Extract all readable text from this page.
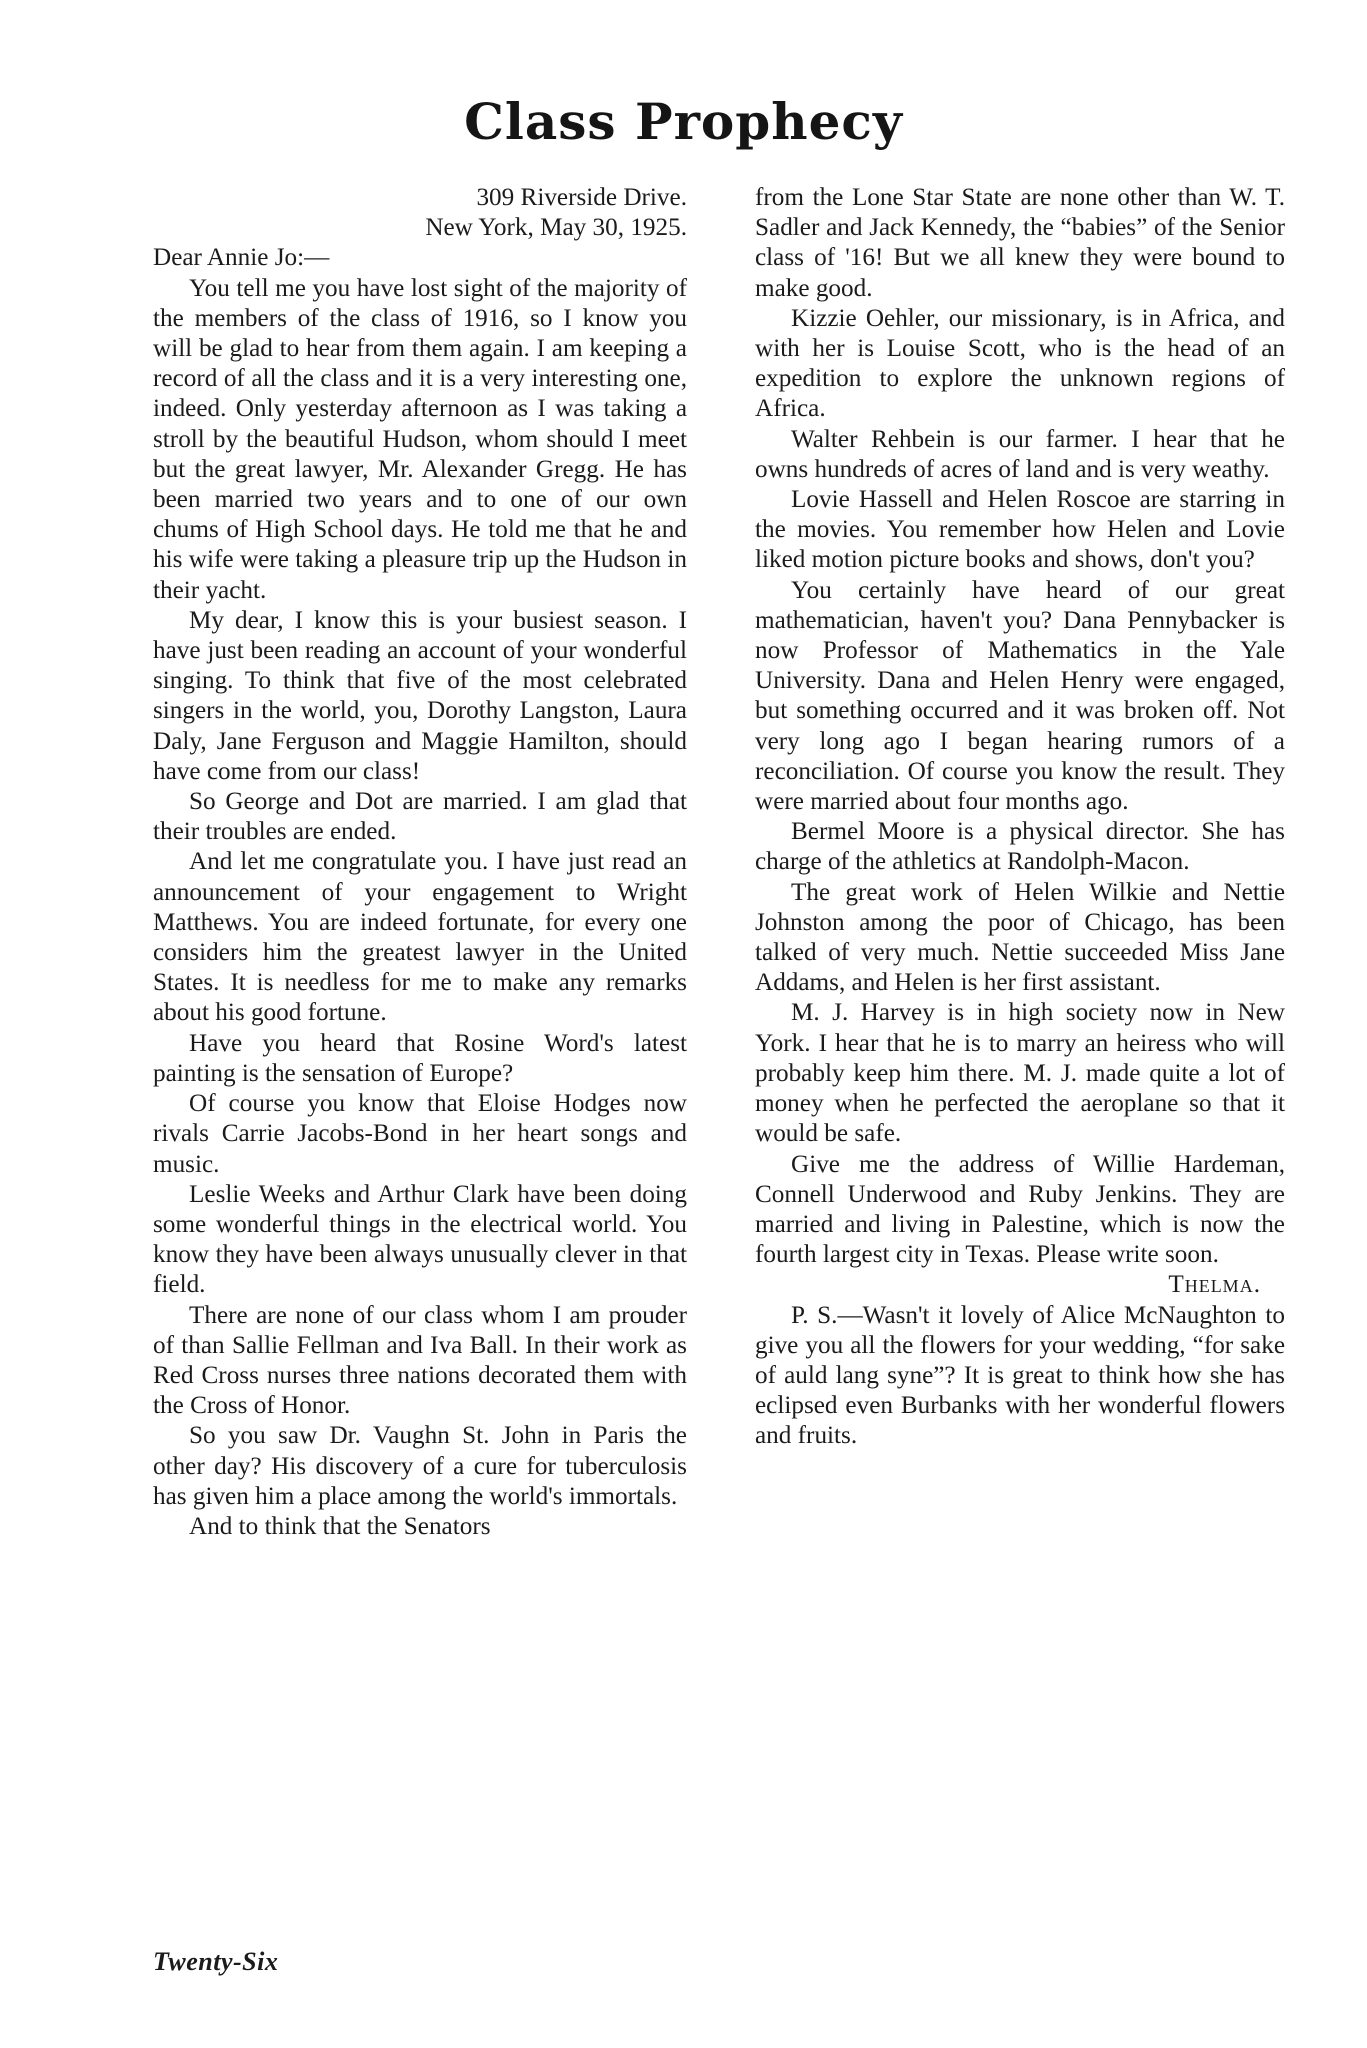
Class Prophecy

309 Riverside Drive.

New York, May 30, 1925.

Dear Annie Jo:—

You tell me you have lost sight of the majority of the members of the class of 1916, so I know you will be glad to hear from them again. I am keeping a record of all the class and it is a very interesting one, indeed. Only yesterday afternoon as I was taking a stroll by the beautiful Hudson, whom should I meet but the great lawyer, Mr. Alexander Gregg. He has been married two years and to one of our own chums of High School days. He told me that he and his wife were taking a pleasure trip up the Hudson in their yacht.

My dear, I know this is your busiest season. I have just been reading an account of your wonderful singing. To think that five of the most celebrated singers in the world, you, Dorothy Langston, Laura Daly, Jane Ferguson and Maggie Hamilton, should have come from our class!

So George and Dot are married. I am glad that their troubles are ended.

And let me congratulate you. I have just read an announcement of your engagement to Wright Matthews. You are indeed fortunate, for every one considers him the greatest lawyer in the United States. It is needless for me to make any remarks about his good fortune.

Have you heard that Rosine Word's latest painting is the sensation of Europe?

Of course you know that Eloise Hodges now rivals Carrie Jacobs-Bond in her heart songs and music.

Leslie Weeks and Arthur Clark have been doing some wonderful things in the electrical world. You know they have been always unusually clever in that field.

There are none of our class whom I am prouder of than Sallie Fellman and Iva Ball. In their work as Red Cross nurses three nations decorated them with the Cross of Honor.

So you saw Dr. Vaughn St. John in Paris the other day? His discovery of a cure for tuberculosis has given him a place among the world's immortals.

And to think that the Senators

from the Lone Star State are none other than W. T. Sadler and Jack Kennedy, the “babies” of the Senior class of '16! But we all knew they were bound to make good.

Kizzie Oehler, our missionary, is in Africa, and with her is Louise Scott, who is the head of an expedition to explore the unknown regions of Africa.

Walter Rehbein is our farmer. I hear that he owns hundreds of acres of land and is very weathy.

Lovie Hassell and Helen Roscoe are starring in the movies. You remember how Helen and Lovie liked motion picture books and shows, don't you?

You certainly have heard of our great mathematician, haven't you? Dana Pennybacker is now Professor of Mathematics in the Yale University. Dana and Helen Henry were engaged, but something occurred and it was broken off. Not very long ago I began hearing rumors of a reconciliation. Of course you know the result. They were married about four months ago.

Bermel Moore is a physical director. She has charge of the athletics at Randolph-Macon.

The great work of Helen Wilkie and Nettie Johnston among the poor of Chicago, has been talked of very much. Nettie succeeded Miss Jane Addams, and Helen is her first assistant.

M. J. Harvey is in high society now in New York. I hear that he is to marry an heiress who will probably keep him there. M. J. made quite a lot of money when he perfected the aeroplane so that it would be safe.

Give me the address of Willie Hardeman, Connell Underwood and Ruby Jenkins. They are married and living in Palestine, which is now the fourth largest city in Texas. Please write soon.

Thelma.

P. S.—Wasn't it lovely of Alice McNaughton to give you all the flowers for your wedding, “for sake of auld lang syne”? It is great to think how she has eclipsed even Burbanks with her wonderful flowers and fruits.

Twenty-Six
